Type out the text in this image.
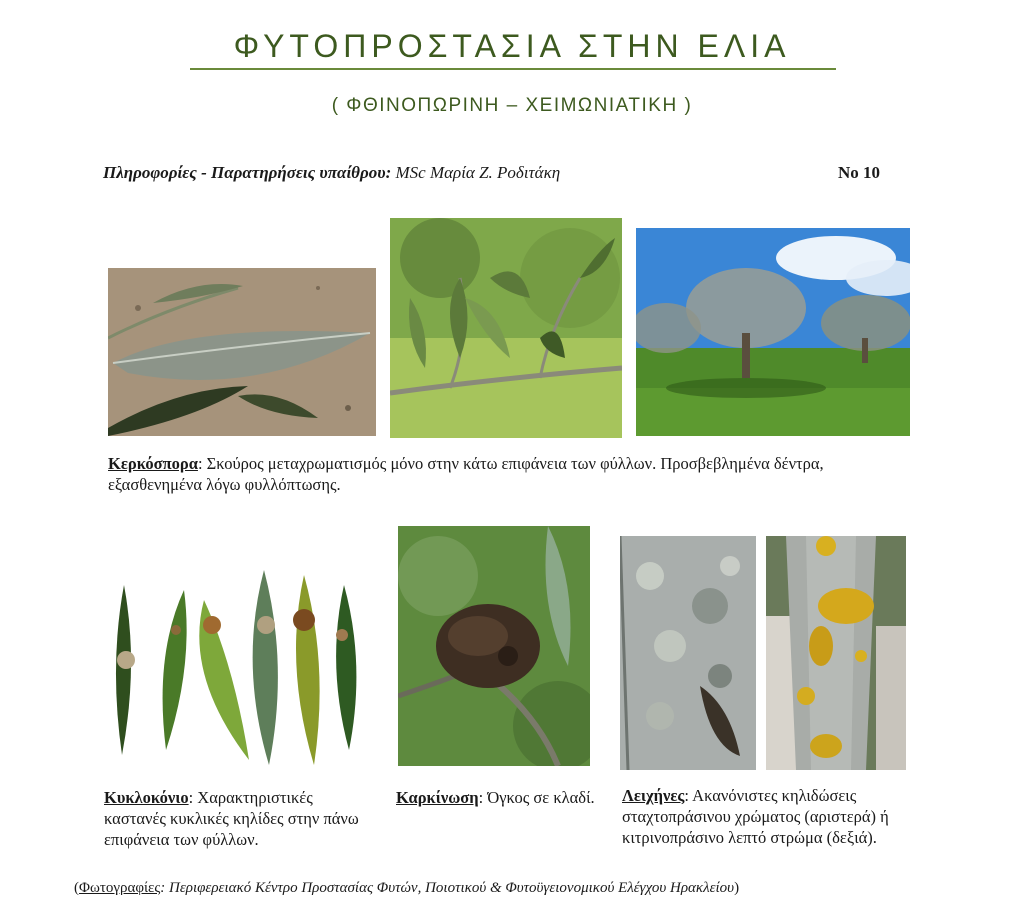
ΦΥΤΟΠΡΟΣΤΑΣΙΑ ΣΤΗΝ ΕΛΙΑ
( ΦΘΙΝΟΠΩΡΙΝΗ – ΧΕΙΜΩΝΙΑΤΙΚΗ )
Πληροφορίες - Παρατηρήσεις υπαίθρου: MSc Μαρία Ζ. Ροδιτάκη	Νο 10
Κερκόσπορα: Σκούρος μεταχρωματισμός μόνο στην κάτω επιφάνεια των φύλλων. Προσβεβλημένα δέντρα, εξασθενημένα λόγω φυλλόπτωσης.
Κυκλοκόνιο: Χαρακτηριστικές καστανές κυκλικές κηλίδες στην πάνω επιφάνεια των φύλλων.
Καρκίνωση: Όγκος σε κλαδί. Λειχήνες: Ακανόνιστες κηλιδώσεις σταχτοπράσινου χρώματος (αριστερά) ή κιτρινοπράσινο λεπτό στρώμα (δεξιά).
(Φωτογραφίες: Περιφερειακό Κέντρο Προστασίας Φυτών, Ποιοτικού & Φυτοϋγειονομικού Ελέγχου Ηρακλείου)
